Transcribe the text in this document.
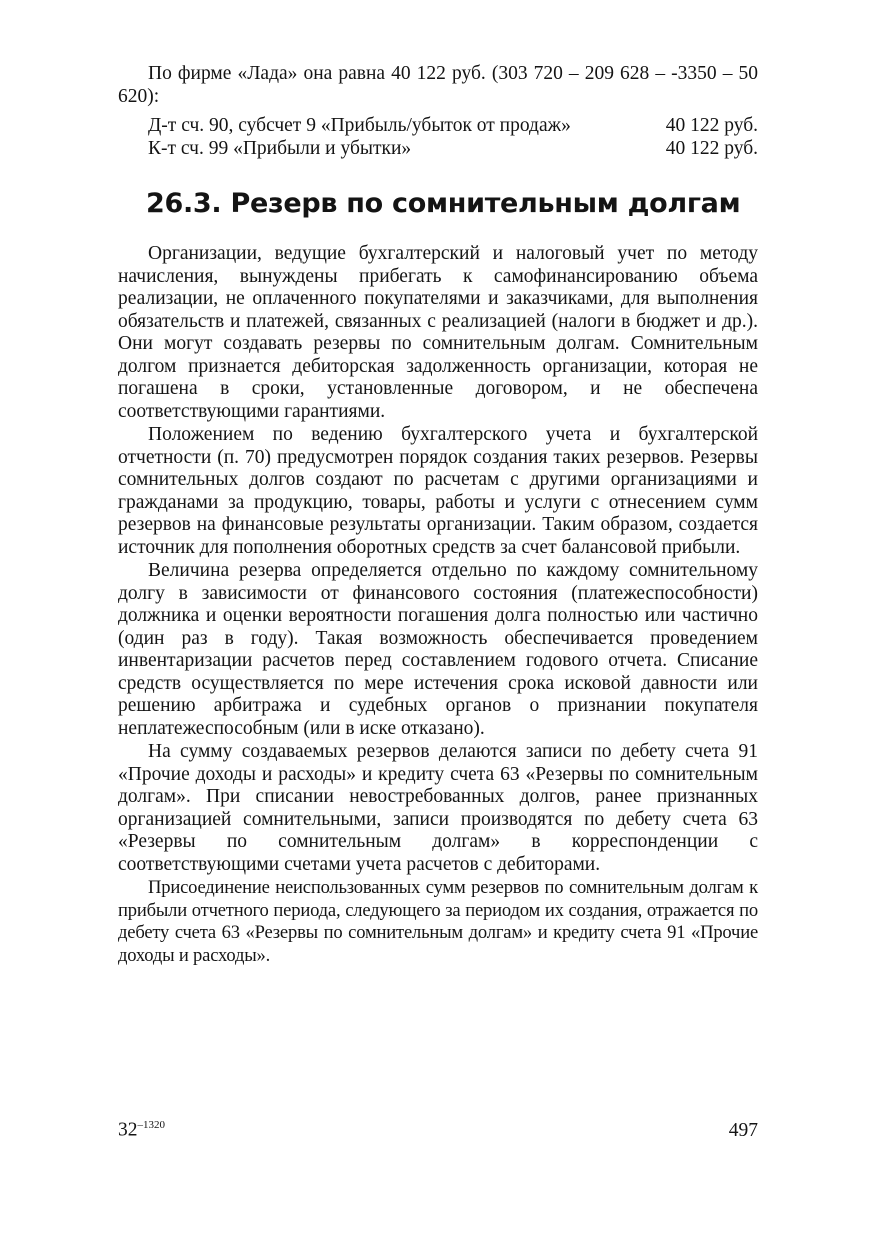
По фирме «Лада» она равна 40 122 руб. (303 720 – 209 628 – -3350 – 50 620):

Д-т сч. 90, субсчет 9 «Прибыль/убыток от продаж»	40 122 руб.
К-т сч. 99 «Прибыли и убытки»	40 122 руб.
26.3. Резерв по сомнительным долгам

Организации, ведущие бухгалтерский и налоговый учет по методу начисления, вынуждены прибегать к самофинансированию объема реализации, не оплаченного покупателями и заказчиками, для выполнения обязательств и платежей, связанных с реализацией (налоги в бюджет и др.). Они могут создавать резервы по сомнительным долгам. Сомнительным долгом признается дебиторская задолженность организации, которая не погашена в сроки, установленные договором, и не обеспечена соответствующими гарантиями.

Положением по ведению бухгалтерского учета и бухгалтерской отчетности (п. 70) предусмотрен порядок создания таких резервов. Резервы сомнительных долгов создают по расчетам с другими организациями и гражданами за продукцию, товары, работы и услуги с отнесением сумм резервов на финансовые результаты организации. Таким образом, создается источник для пополнения оборотных средств за счет балансовой прибыли.

Величина резерва определяется отдельно по каждому сомнительному долгу в зависимости от финансового состояния (платежеспособности) должника и оценки вероятности погашения долга полностью или частично (один раз в году). Такая возможность обеспечивается проведением инвентаризации расчетов перед составлением годового отчета. Списание средств осуществляется по мере истечения срока исковой давности или решению арбитража и судебных органов о признании покупателя неплатежеспособным (или в иске отказано).

На сумму создаваемых резервов делаются записи по дебету счета 91 «Прочие доходы и расходы» и кредиту счета 63 «Резервы по сомнительным долгам». При списании невостребованных долгов, ранее признанных организацией сомнительными, записи производятся по дебету счета 63 «Резервы по сомнительным долгам» в корреспонденции с соответствующими счетами учета расчетов с дебиторами.

Присоединение неиспользованных сумм резервов по сомнительным долгам к прибыли отчетного периода, следующего за периодом их создания, отражается по дебету счета 63 «Резервы по сомнительным долгам» и кредиту счета 91 «Прочие доходы и расходы».

$32^{-1320}$	497
